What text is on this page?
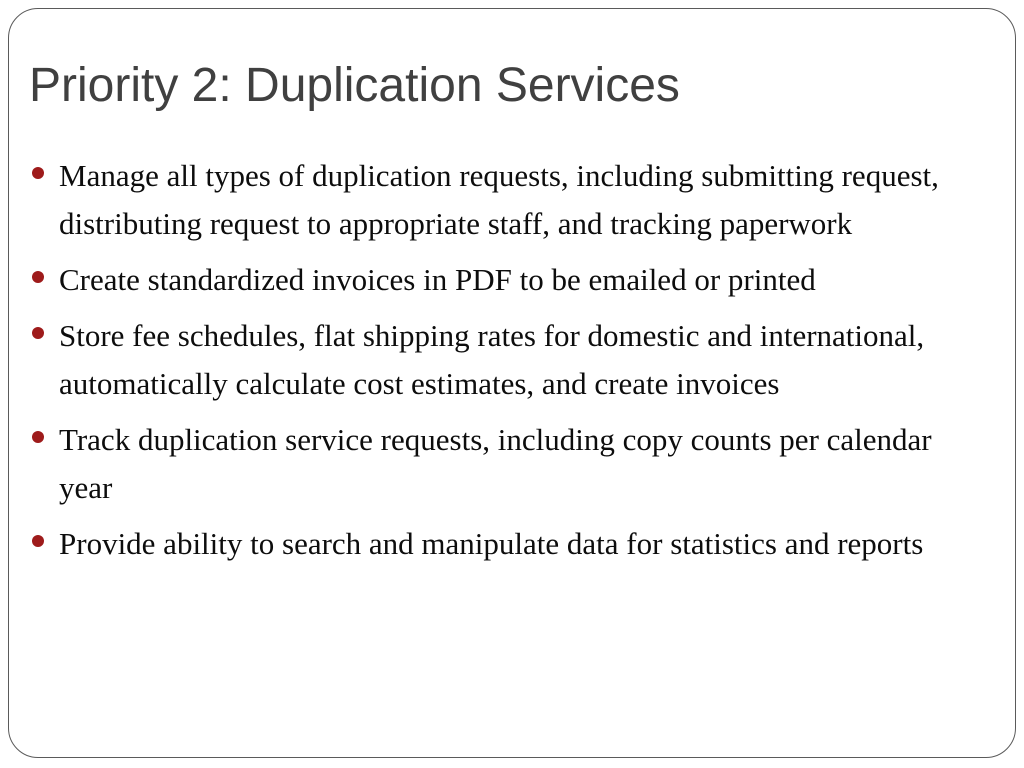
Priority 2: Duplication Services
Manage all types of duplication requests, including submitting request, distributing request to appropriate staff, and tracking paperwork
Create standardized invoices in PDF to be emailed or printed
Store fee schedules, flat shipping rates for domestic and international, automatically calculate cost estimates, and create invoices
Track duplication service requests, including copy counts per calendar year
Provide ability to search and manipulate data for statistics and reports
